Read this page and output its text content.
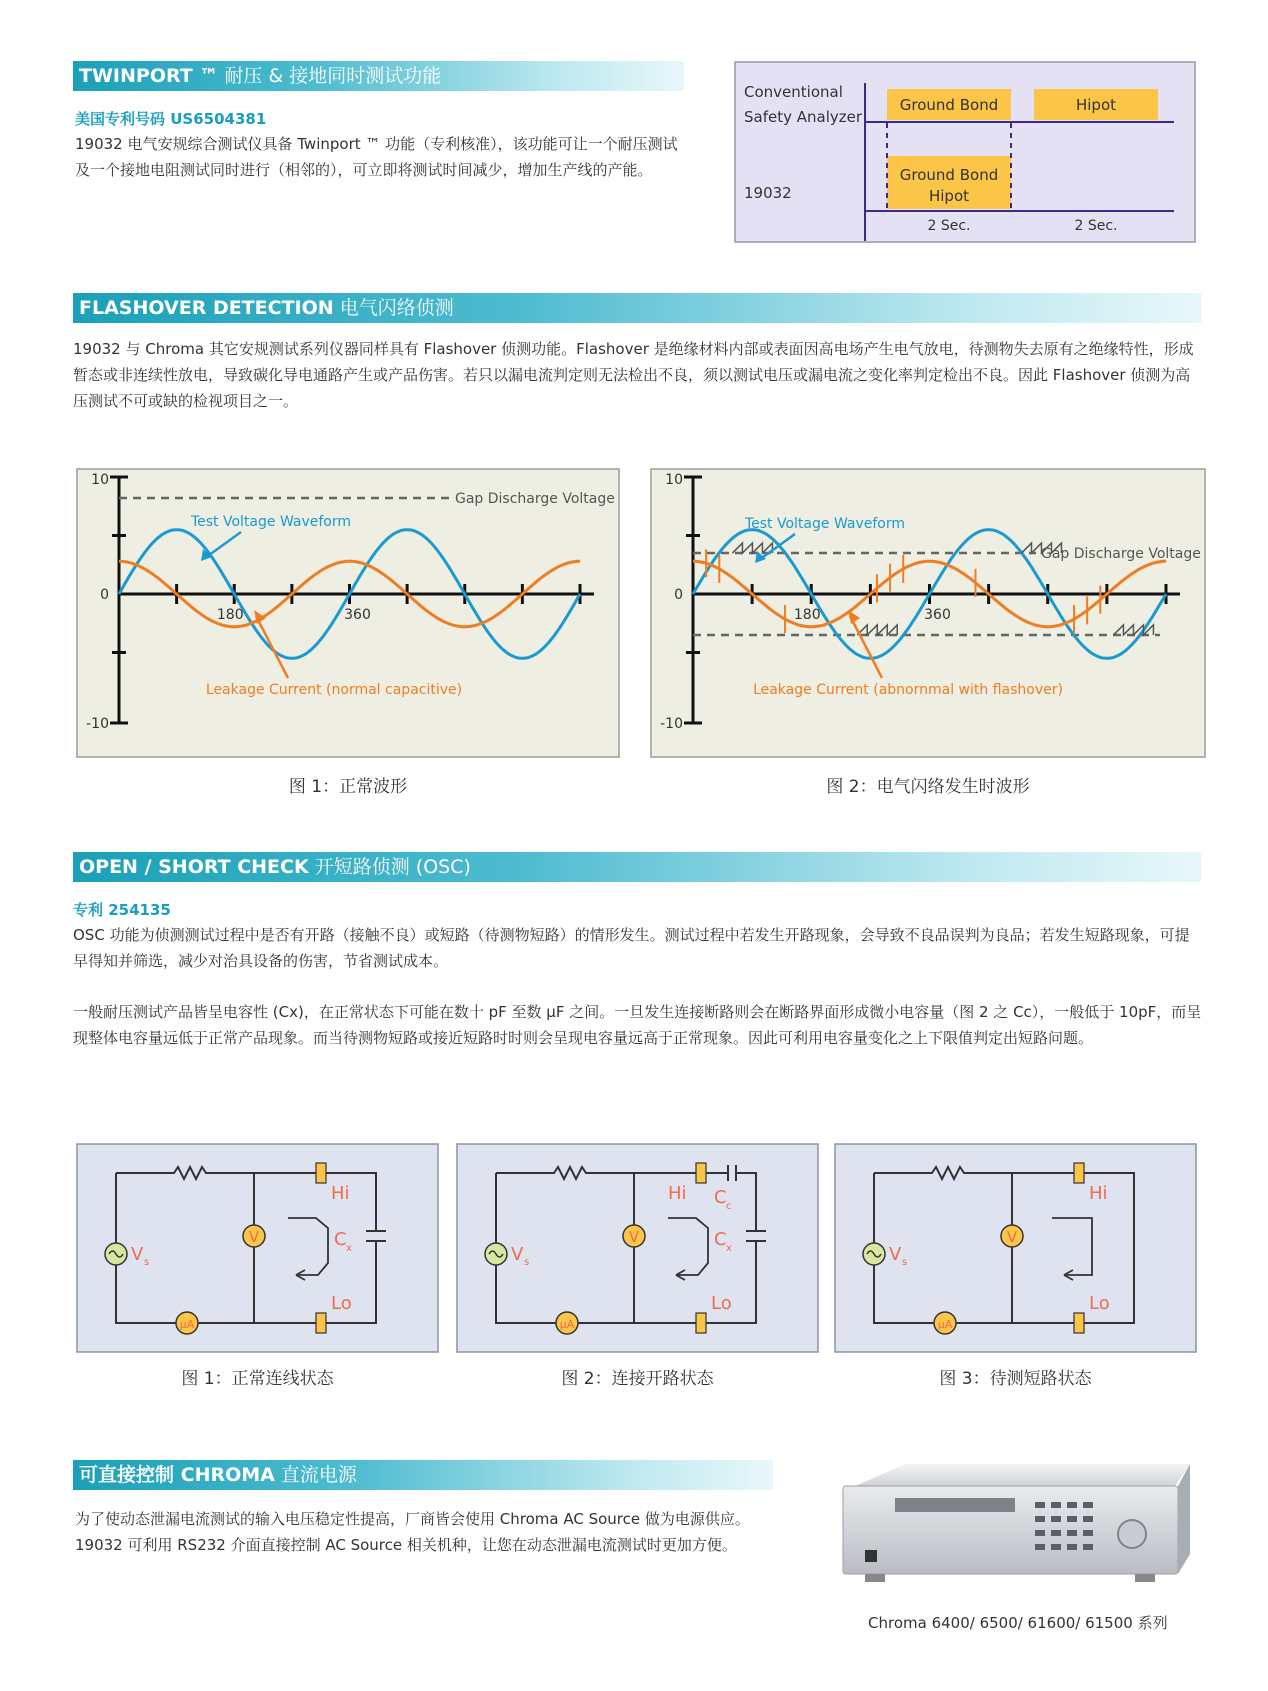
TWINPORT ™ 耐压 & 接地同时测试功能
美国专利号码 US6504381
19032 电气安规综合测试仪具备 Twinport ™ 功能（专利核准），该功能可让一个耐压测试及一个接地电阻测试同时进行（相邻的），可立即将测试时间减少，增加生产线的产能。
Conventional
Safety Analyzer
19032
Ground Bond	Hipot
Ground Bond
Hipot
2 Sec.	2 Sec.
FLASHOVER DETECTION 电气闪络侦测
19032 与 Chroma 其它安规测试系列仪器同样具有 Flashover 侦测功能。Flashover 是绝缘材料内部或表面因高电场产生电气放电，待测物失去原有之绝缘特性，形成暂态或非连续性放电，导致碳化导电通路产生或产品伤害。若只以漏电流判定则无法检出不良，须以测试电压或漏电流之变化率判定检出不良。因此 Flashover 侦测为高压测试不可或缺的检视项目之一。
10
0
-10
180	360
Gap Discharge Voltage
Test Voltage Waveform
Leakage Current (normal capacitive)
10
0
-10
180	360
Gap Discharge Voltage
Test Voltage Waveform
Leakage Current (abnornmal with flashover)
图 1：正常波形	图 2：电气闪络发生时波形
OPEN / SHORT CHECK 开短路侦测 (OSC)
专利 254135
OSC 功能为侦测测试过程中是否有开路（接触不良）或短路（待测物短路）的情形发生。测试过程中若发生开路现象，会导致不良品误判为良品；若发生短路现象，可提早得知并筛选，减少对治具设备的伤害，节省测试成本。
一般耐压测试产品皆呈电容性 (Cx)，在正常状态下可能在数十 pF 至数 μF 之间。一旦发生连接断路则会在断路界面形成微小电容量（图 2 之 Cc），一般低于 10pF，而呈现整体电容量远低于正常产品现象。而当待测物短路或接近短路时时则会呈现电容量远高于正常现象。因此可利用电容量变化之上下限值判定出短路问题。
V s
V
μA
Hi
Lo
C x	V s
V
μA
Hi
Lo
C c
C x	V s
V
μA
Hi
Lo
图 1：正常连线状态	图 2：连接开路状态	图 3：待测短路状态
可直接控制 CHROMA 直流电源
为了使动态泄漏电流测试的输入电压稳定性提高，厂商皆会使用 Chroma AC Source 做为电源供应。19032 可利用 RS232 介面直接控制 AC Source 相关机种，让您在动态泄漏电流测试时更加方便。
Chroma 6400/ 6500/ 61600/ 61500 系列
